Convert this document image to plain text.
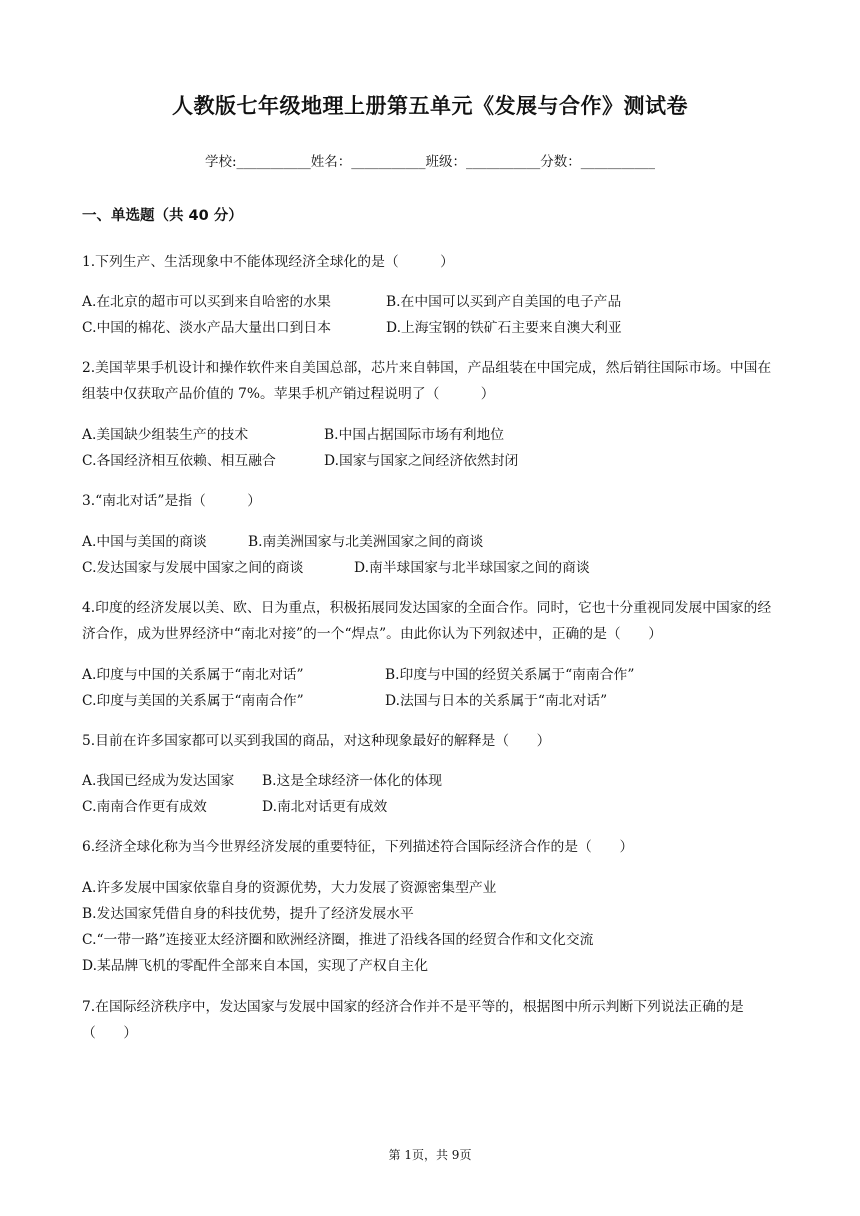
人教版七年级地理上册第五单元《发展与合作》测试卷
学校:___________姓名：___________班级：___________分数：___________
一、单选题（共 40 分）
1.下列生产、生活现象中不能体现经济全球化的是（　　　）
A.在北京的超市可以买到来自哈密的水果	B.在中国可以买到产自美国的电子产品
C.中国的棉花、淡水产品大量出口到日本	D.上海宝钢的铁矿石主要来自澳大利亚
2.美国苹果手机设计和操作软件来自美国总部，芯片来自韩国，产品组装在中国完成，然后销往国际市场。中国在组装中仅获取产品价值的 7%。苹果手机产销过程说明了（　　　）
A.美国缺少组装生产的技术	B.中国占据国际市场有利地位
C.各国经济相互依赖、相互融合	D.国家与国家之间经济依然封闭
3.“南北对话”是指（　　　）
A.中国与美国的商谈	B.南美洲国家与北美洲国家之间的商谈
C.发达国家与发展中国家之间的商谈	D.南半球国家与北半球国家之间的商谈
4.印度的经济发展以美、欧、日为重点，积极拓展同发达国家的全面合作。同时，它也十分重视同发展中国家的经济合作，成为世界经济中“南北对接”的一个“焊点”。由此你认为下列叙述中，正确的是（　　）
A.印度与中国的关系属于“南北对话”	B.印度与中国的经贸关系属于“南南合作”
C.印度与美国的关系属于“南南合作”	D.法国与日本的关系属于“南北对话”
5.目前在许多国家都可以买到我国的商品，对这种现象最好的解释是（　　）
A.我国已经成为发达国家 B.这是全球经济一体化的体现
C.南南合作更有成效	D.南北对话更有成效
6.经济全球化称为当今世界经济发展的重要特征，下列描述符合国际经济合作的是（　　）
A.许多发展中国家依靠自身的资源优势，大力发展了资源密集型产业
B.发达国家凭借自身的科技优势，提升了经济发展水平
C.“一带一路”连接亚太经济圈和欧洲经济圈，推进了沿线各国的经贸合作和文化交流
D.某品牌飞机的零配件全部来自本国，实现了产权自主化
7.在国际经济秩序中，发达国家与发展中国家的经济合作并不是平等的，根据图中所示判断下列说法正确的是（　　）
第 1页，共 9页
